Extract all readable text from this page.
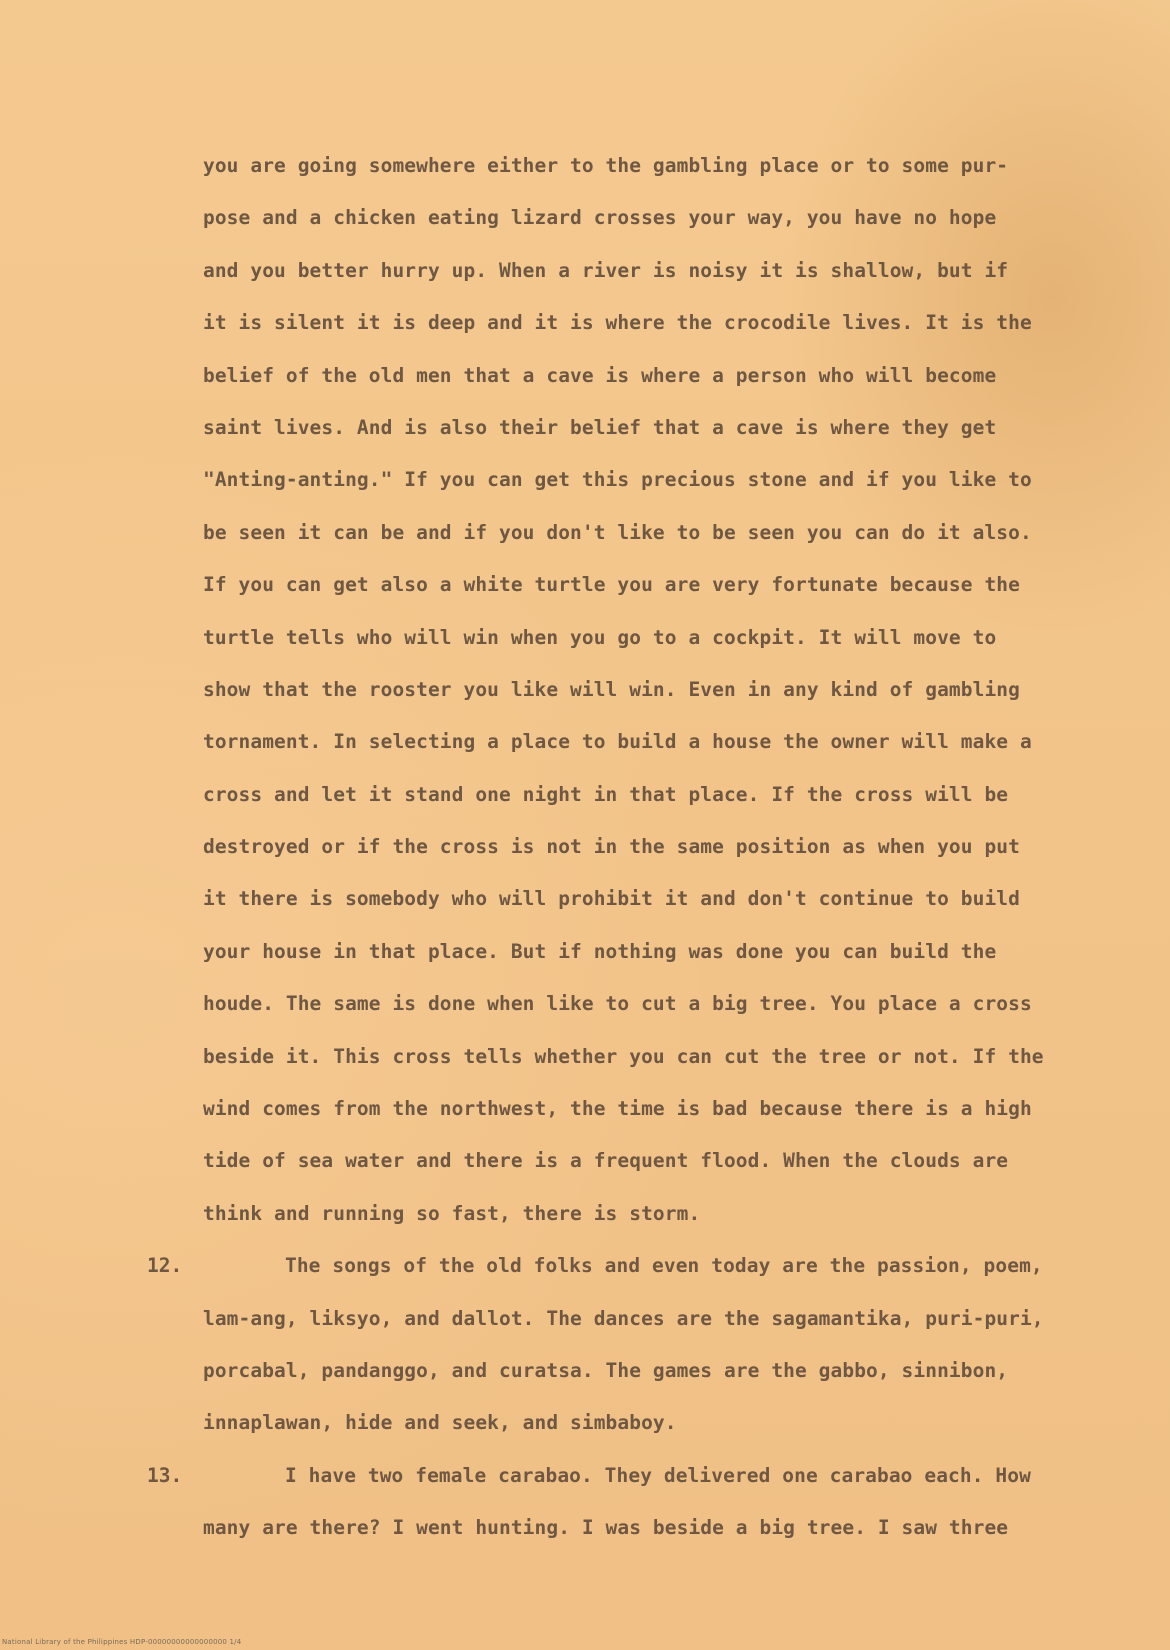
you are going somewhere either to the gambling place or to some pur-
pose and a chicken eating lizard crosses your way, you have no hope
and you better hurry up. When a river is noisy it is shallow, but if
it is silent it is deep and it is where the crocodile lives. It is the
belief of the old men that a cave is where a person who will become
saint lives. And is also their belief that a cave is where they get
"Anting-anting." If you can get this precious stone and if you like to
be seen it can be and if you don't like to be seen you can do it also.
If you can get also a white turtle you are very fortunate because the
turtle tells who will win when you go to a cockpit. It will move to
show that the rooster you like will win. Even in any kind of gambling
tornament. In selecting a place to build a house the owner will make a
cross and let it stand one night in that place. If the cross will be
destroyed or if the cross is not in the same position as when you put
it there is somebody who will prohibit it and don't continue to build
your house in that place. But if nothing was done you can build the
houde. The same is done when like to cut a big tree. You place a cross
beside it. This cross tells whether you can cut the tree or not. If the
wind comes from the northwest, the time is bad because there is a high
tide of sea water and there is a frequent flood. When the clouds are
think and running so fast, there is storm.
12.	The songs of the old folks and even today are the passion, poem,
lam-ang, liksyo, and dallot. The dances are the sagamantika, puri-puri,
porcabal, pandanggo, and curatsa. The games are the gabbo, sinnibon,
innaplawan, hide and seek, and simbaboy.
13.	I have two female carabao. They delivered one carabao each. How
many are there? I went hunting. I was beside a big tree. I saw three
National Library of the Philippines HDP-00000000000000000 1/4
